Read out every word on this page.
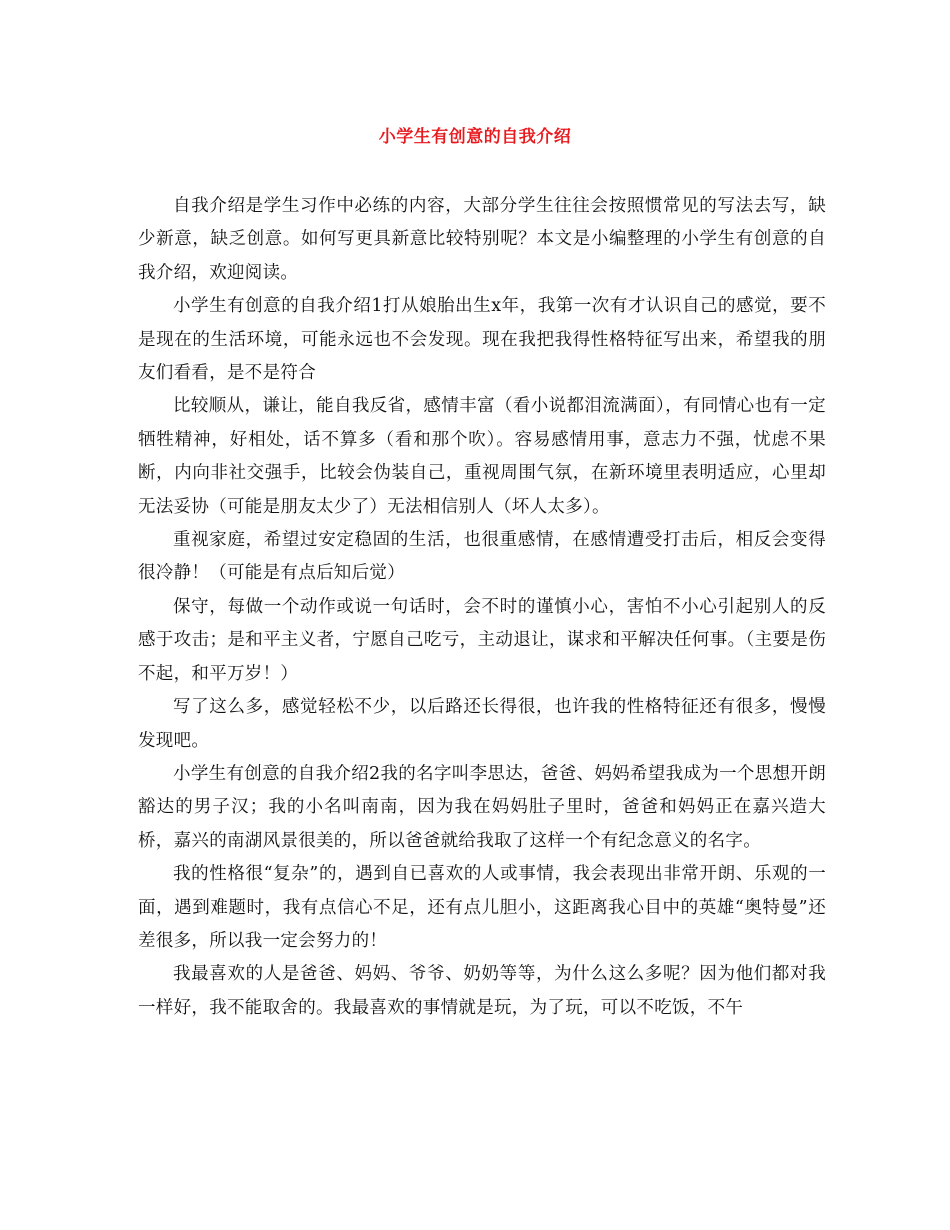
小学生有创意的自我介绍

自我介绍是学生习作中必练的内容，大部分学生往往会按照惯常见的写法去写，缺少新意，缺乏创意。如何写更具新意比较特别呢？本文是小编整理的小学生有创意的自我介绍，欢迎阅读。

小学生有创意的自我介绍1打从娘胎出生x年，我第一次有才认识自己的感觉，要不是现在的生活环境，可能永远也不会发现。现在我把我得性格特征写出来，希望我的朋友们看看，是不是符合

比较顺从，谦让，能自我反省，感情丰富（看小说都泪流满面），有同情心也有一定牺牲精神，好相处，话不算多（看和那个吹）。容易感情用事，意志力不强，忧虑不果断，内向非社交强手，比较会伪装自己，重视周围气氛，在新环境里表明适应，心里却无法妥协（可能是朋友太少了）无法相信别人（坏人太多）。

重视家庭，希望过安定稳固的生活，也很重感情，在感情遭受打击后，相反会变得很冷静！（可能是有点后知后觉）

保守，每做一个动作或说一句话时，会不时的谨慎小心，害怕不小心引起别人的反感于攻击；是和平主义者，宁愿自己吃亏，主动退让，谋求和平解决任何事。（主要是伤不起，和平万岁！）

写了这么多，感觉轻松不少，以后路还长得很，也许我的性格特征还有很多，慢慢发现吧。

小学生有创意的自我介绍2我的名字叫李思达，爸爸、妈妈希望我成为一个思想开朗豁达的男子汉；我的小名叫南南，因为我在妈妈肚子里时，爸爸和妈妈正在嘉兴造大桥，嘉兴的南湖风景很美的，所以爸爸就给我取了这样一个有纪念意义的名字。

我的性格很“复杂”的，遇到自已喜欢的人或事情，我会表现出非常开朗、乐观的一面，遇到难题时，我有点信心不足，还有点儿胆小，这距离我心目中的英雄“奥特曼”还差很多，所以我一定会努力的！

我最喜欢的人是爸爸、妈妈、爷爷、奶奶等等，为什么这么多呢？因为他们都对我一样好，我不能取舍的。我最喜欢的事情就是玩，为了玩，可以不吃饭，不午
